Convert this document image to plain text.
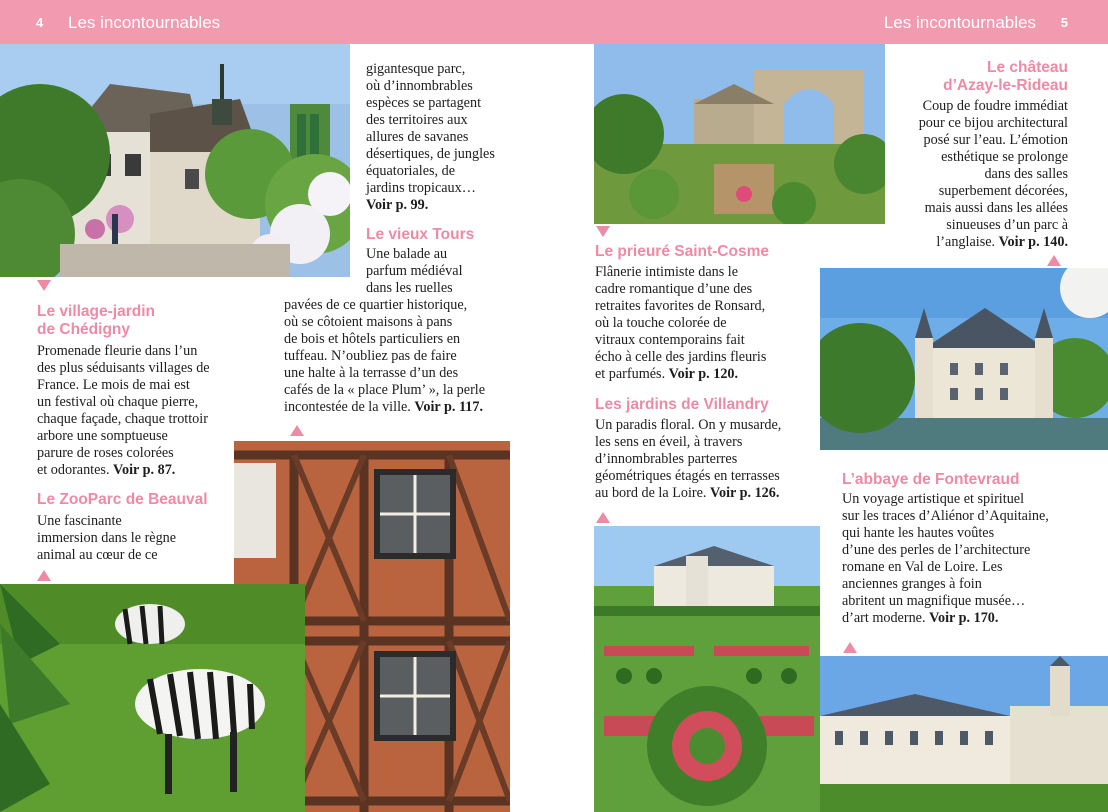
4 Les incontournables	Les incontournables 5
Le village-jardin
de Chédigny
Promenade fleurie dans l’un
des plus séduisants villages de
France. Le mois de mai est
un festival où chaque pierre,
chaque façade, chaque trottoir
arbore une somptueuse
parure de roses colorées
et odorantes. Voir p. 87.
Le ZooParc de Beauval
Une fascinante
immersion dans le règne
animal au cœur de ce
gigantesque parc,
où d’innombrables
espèces se partagent
des territoires aux
allures de savanes
désertiques, de jungles
équatoriales, de
jardins tropicaux…
Voir p. 99.
Le vieux Tours
Une balade au
parfum médiéval
dans les ruelles
pavées de ce quartier historique,
où se côtoient maisons à pans
de bois et hôtels particuliers en
tuffeau. N’oubliez pas de faire
une halte à la terrasse d’un des
cafés de la « place Plum’ », la perle
incontestée de la ville. Voir p. 117.
Le prieuré Saint-Cosme
Flânerie intimiste dans le
cadre romantique d’une des
retraites favorites de Ronsard,
où la touche colorée de
vitraux contemporains fait
écho à celle des jardins fleuris
et parfumés. Voir p. 120.
Les jardins de Villandry
Un paradis floral. On y musarde,
les sens en éveil, à travers
d’innombrables parterres
géométriques étagés en terrasses
au bord de la Loire. Voir p. 126.
Le château
d’Azay-le-Rideau
Coup de foudre immédiat
pour ce bijou architectural
posé sur l’eau. L’émotion
esthétique se prolonge
dans des salles
superbement décorées,
mais aussi dans les allées
sinueuses d’un parc à
l’anglaise. Voir p. 140.
L’abbaye de Fontevraud
Un voyage artistique et spirituel
sur les traces d’Aliénor d’Aquitaine,
qui hante les hautes voûtes
d’une des perles de l’architecture
romane en Val de Loire. Les
anciennes granges à foin
abritent un magnifique musée…
d’art moderne. Voir p. 170.
